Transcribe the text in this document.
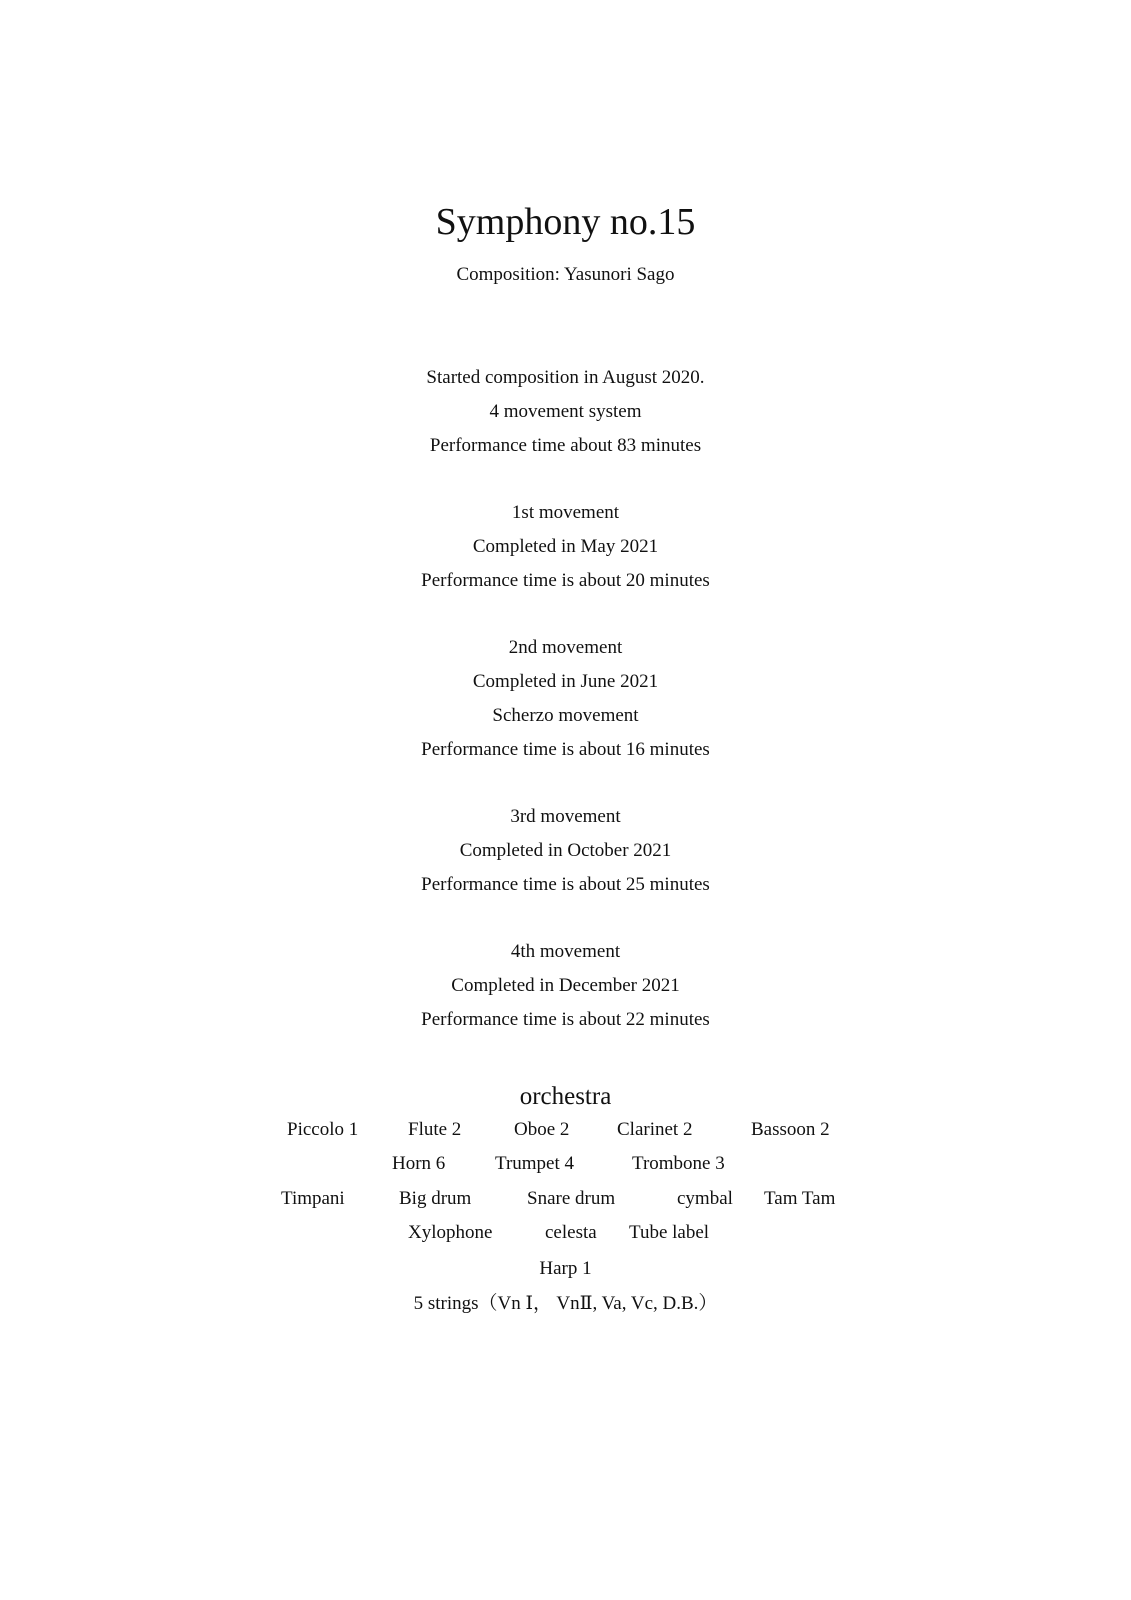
Symphony no.15
Composition: Yasunori Sago
Started composition in August 2020.
4 movement system
Performance time about 83 minutes
1st movement
Completed in May 2021
Performance time is about 20 minutes
2nd movement
Completed in June 2021
Scherzo movement
Performance time is about 16 minutes
3rd movement
Completed in October 2021
Performance time is about 25 minutes
4th movement
Completed in December 2021
Performance time is about 22 minutes
orchestra
Piccolo 1	Flute 2	Oboe 2	Clarinet 2	Bassoon 2
Horn 6	Trumpet 4	Trombone 3
Timpani	Big drum	Snare drum	cymbal Tam Tam
Xylophone	celesta Tube label
Harp 1
5 strings（Vn Ⅰ， VnⅡ, Va, Vc, D.B.）
